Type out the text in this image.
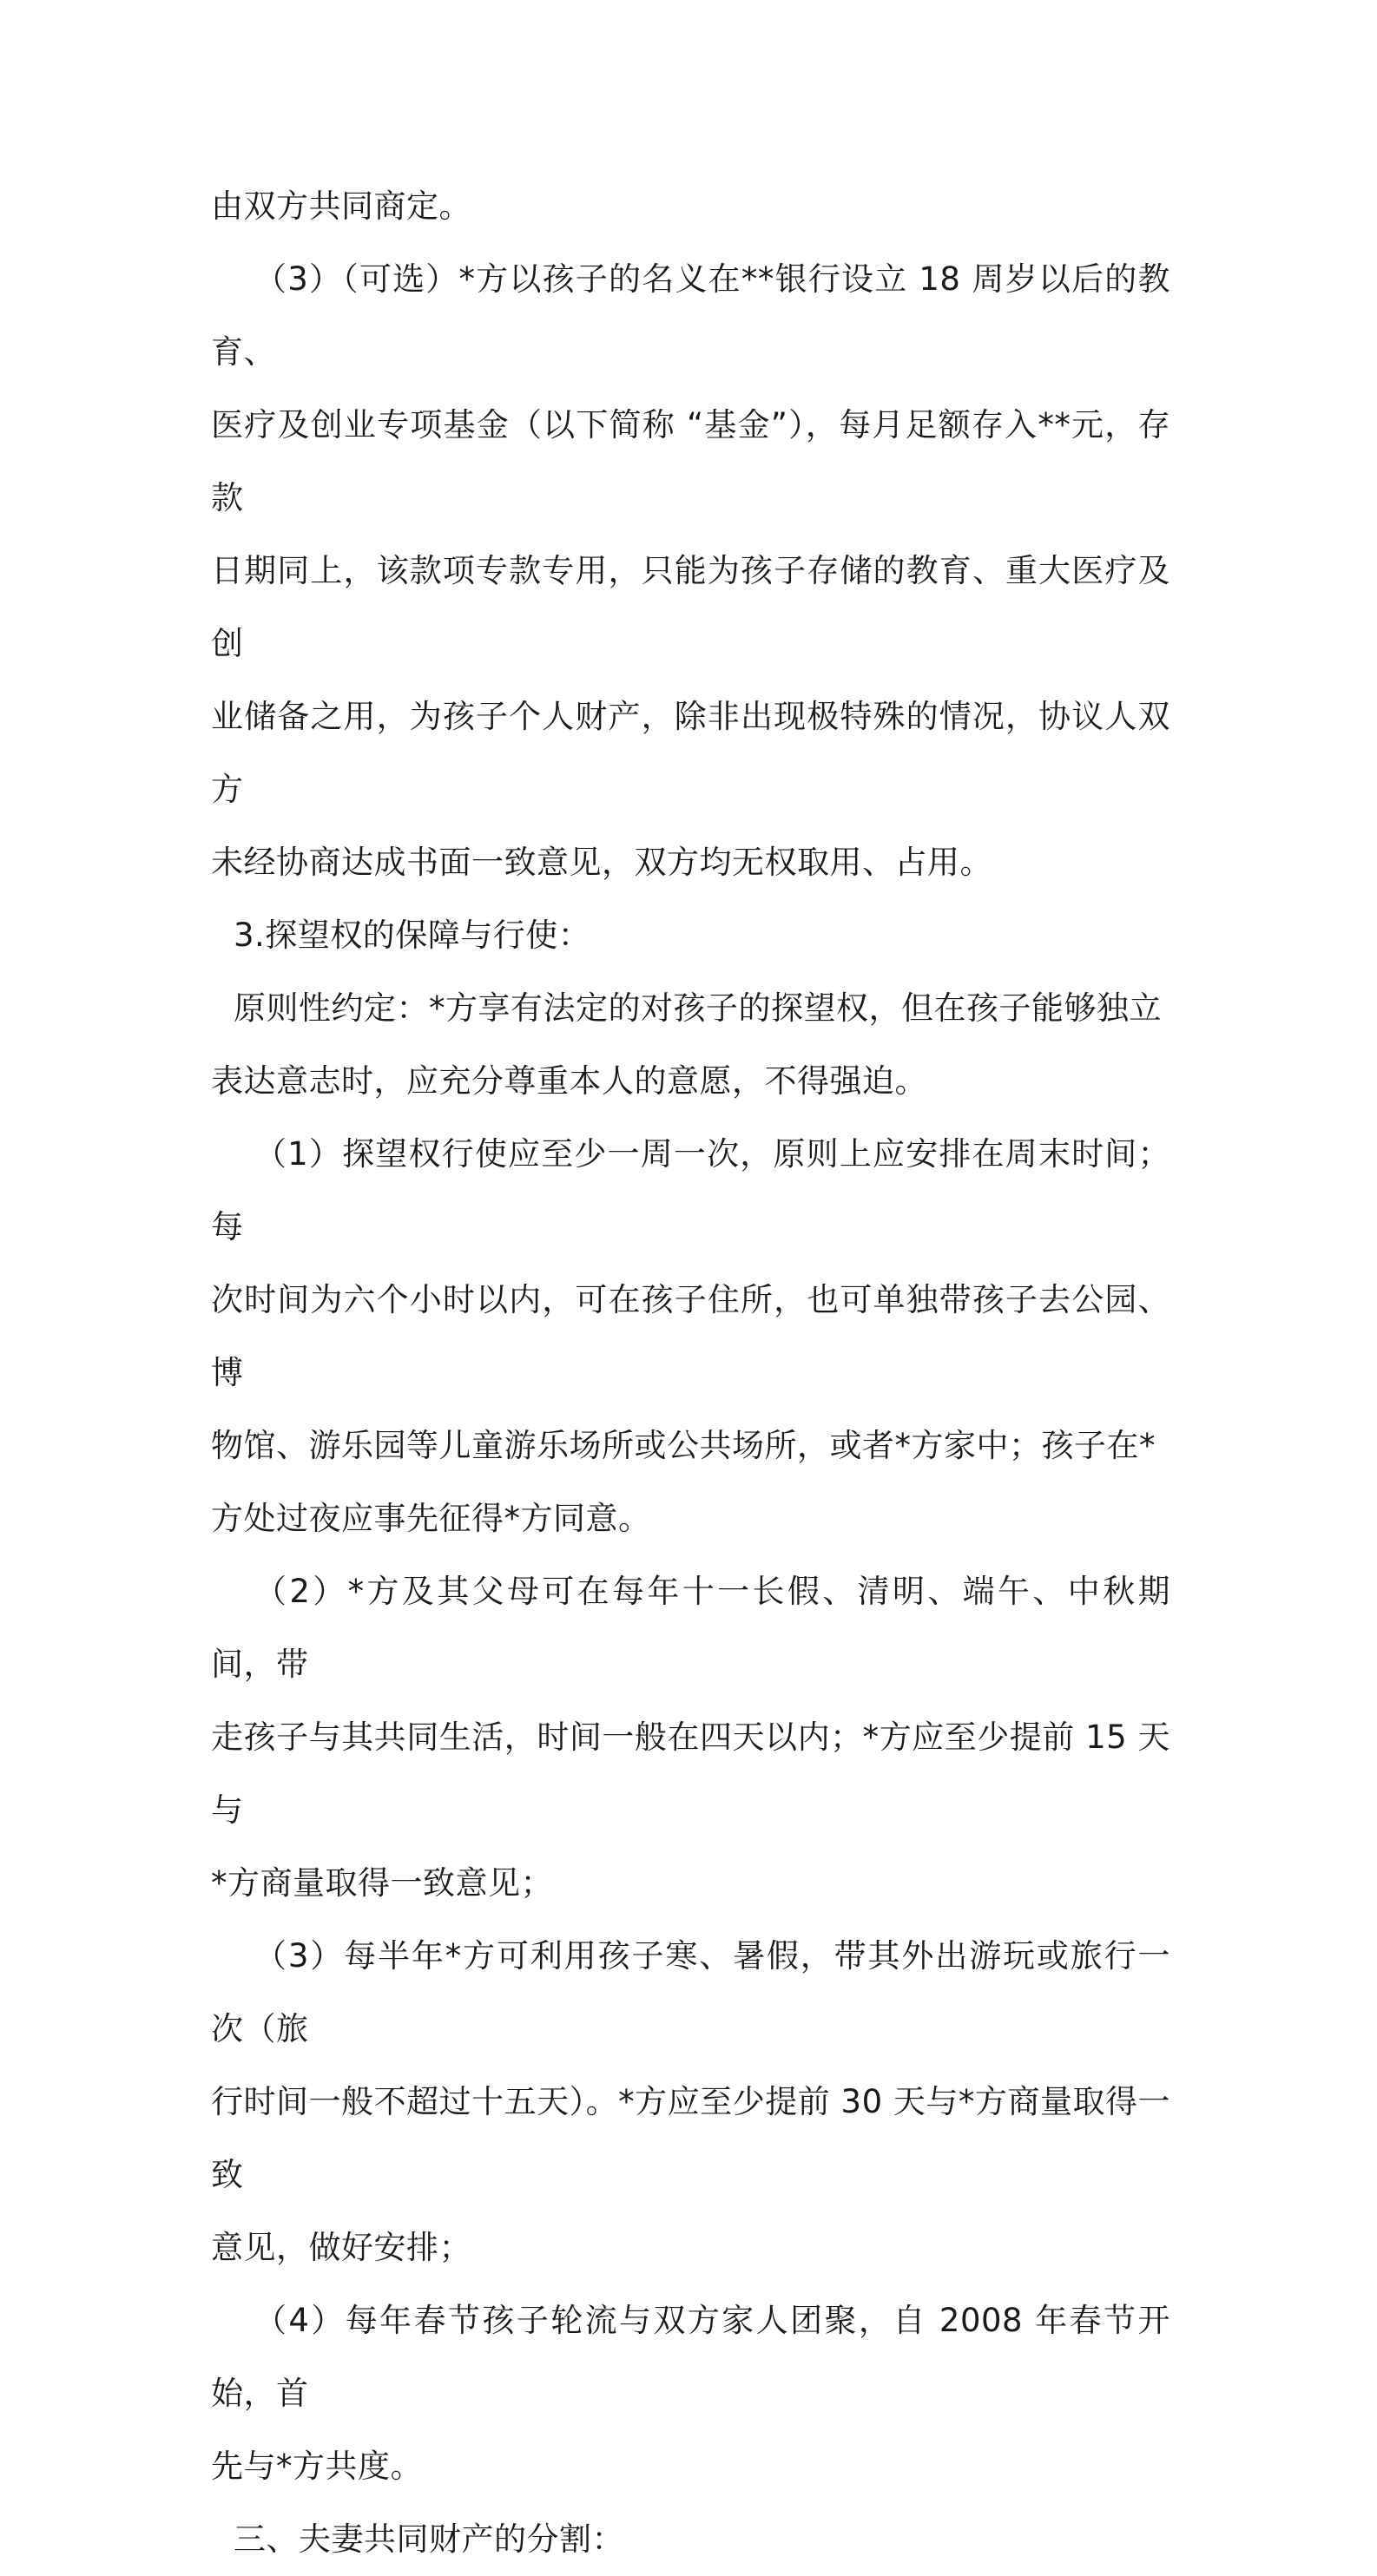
由双方共同商定。

（3）（可选）*方以孩子的名义在**银行设立 18 周岁以后的教育、
医疗及创业专项基金（以下简称 “基金”），每月足额存入**元，存款
日期同上，该款项专款专用，只能为孩子存储的教育、重大医疗及创
业储备之用，为孩子个人财产，除非出现极特殊的情况，协议人双方
未经协商达成书面一致意见，双方均无权取用、占用。

3.探望权的保障与行使：

原则性约定：*方享有法定的对孩子的探望权，但在孩子能够独立
表达意志时，应充分尊重本人的意愿，不得强迫。

（1）探望权行使应至少一周一次，原则上应安排在周末时间；每
次时间为六个小时以内，可在孩子住所，也可单独带孩子去公园、博
物馆、游乐园等儿童游乐场所或公共场所，或者*方家中；孩子在*
方处过夜应事先征得*方同意。

（2）*方及其父母可在每年十一长假、清明、端午、中秋期间，带
走孩子与其共同生活，时间一般在四天以内；*方应至少提前 15 天与
*方商量取得一致意见；

（3）每半年*方可利用孩子寒、暑假，带其外出游玩或旅行一次（旅
行时间一般不超过十五天）。*方应至少提前 30 天与*方商量取得一致
意见，做好安排；

（4）每年春节孩子轮流与双方家人团聚，自 2008 年春节开始，首
先与*方共度。

三、夫妻共同财产的分割：
